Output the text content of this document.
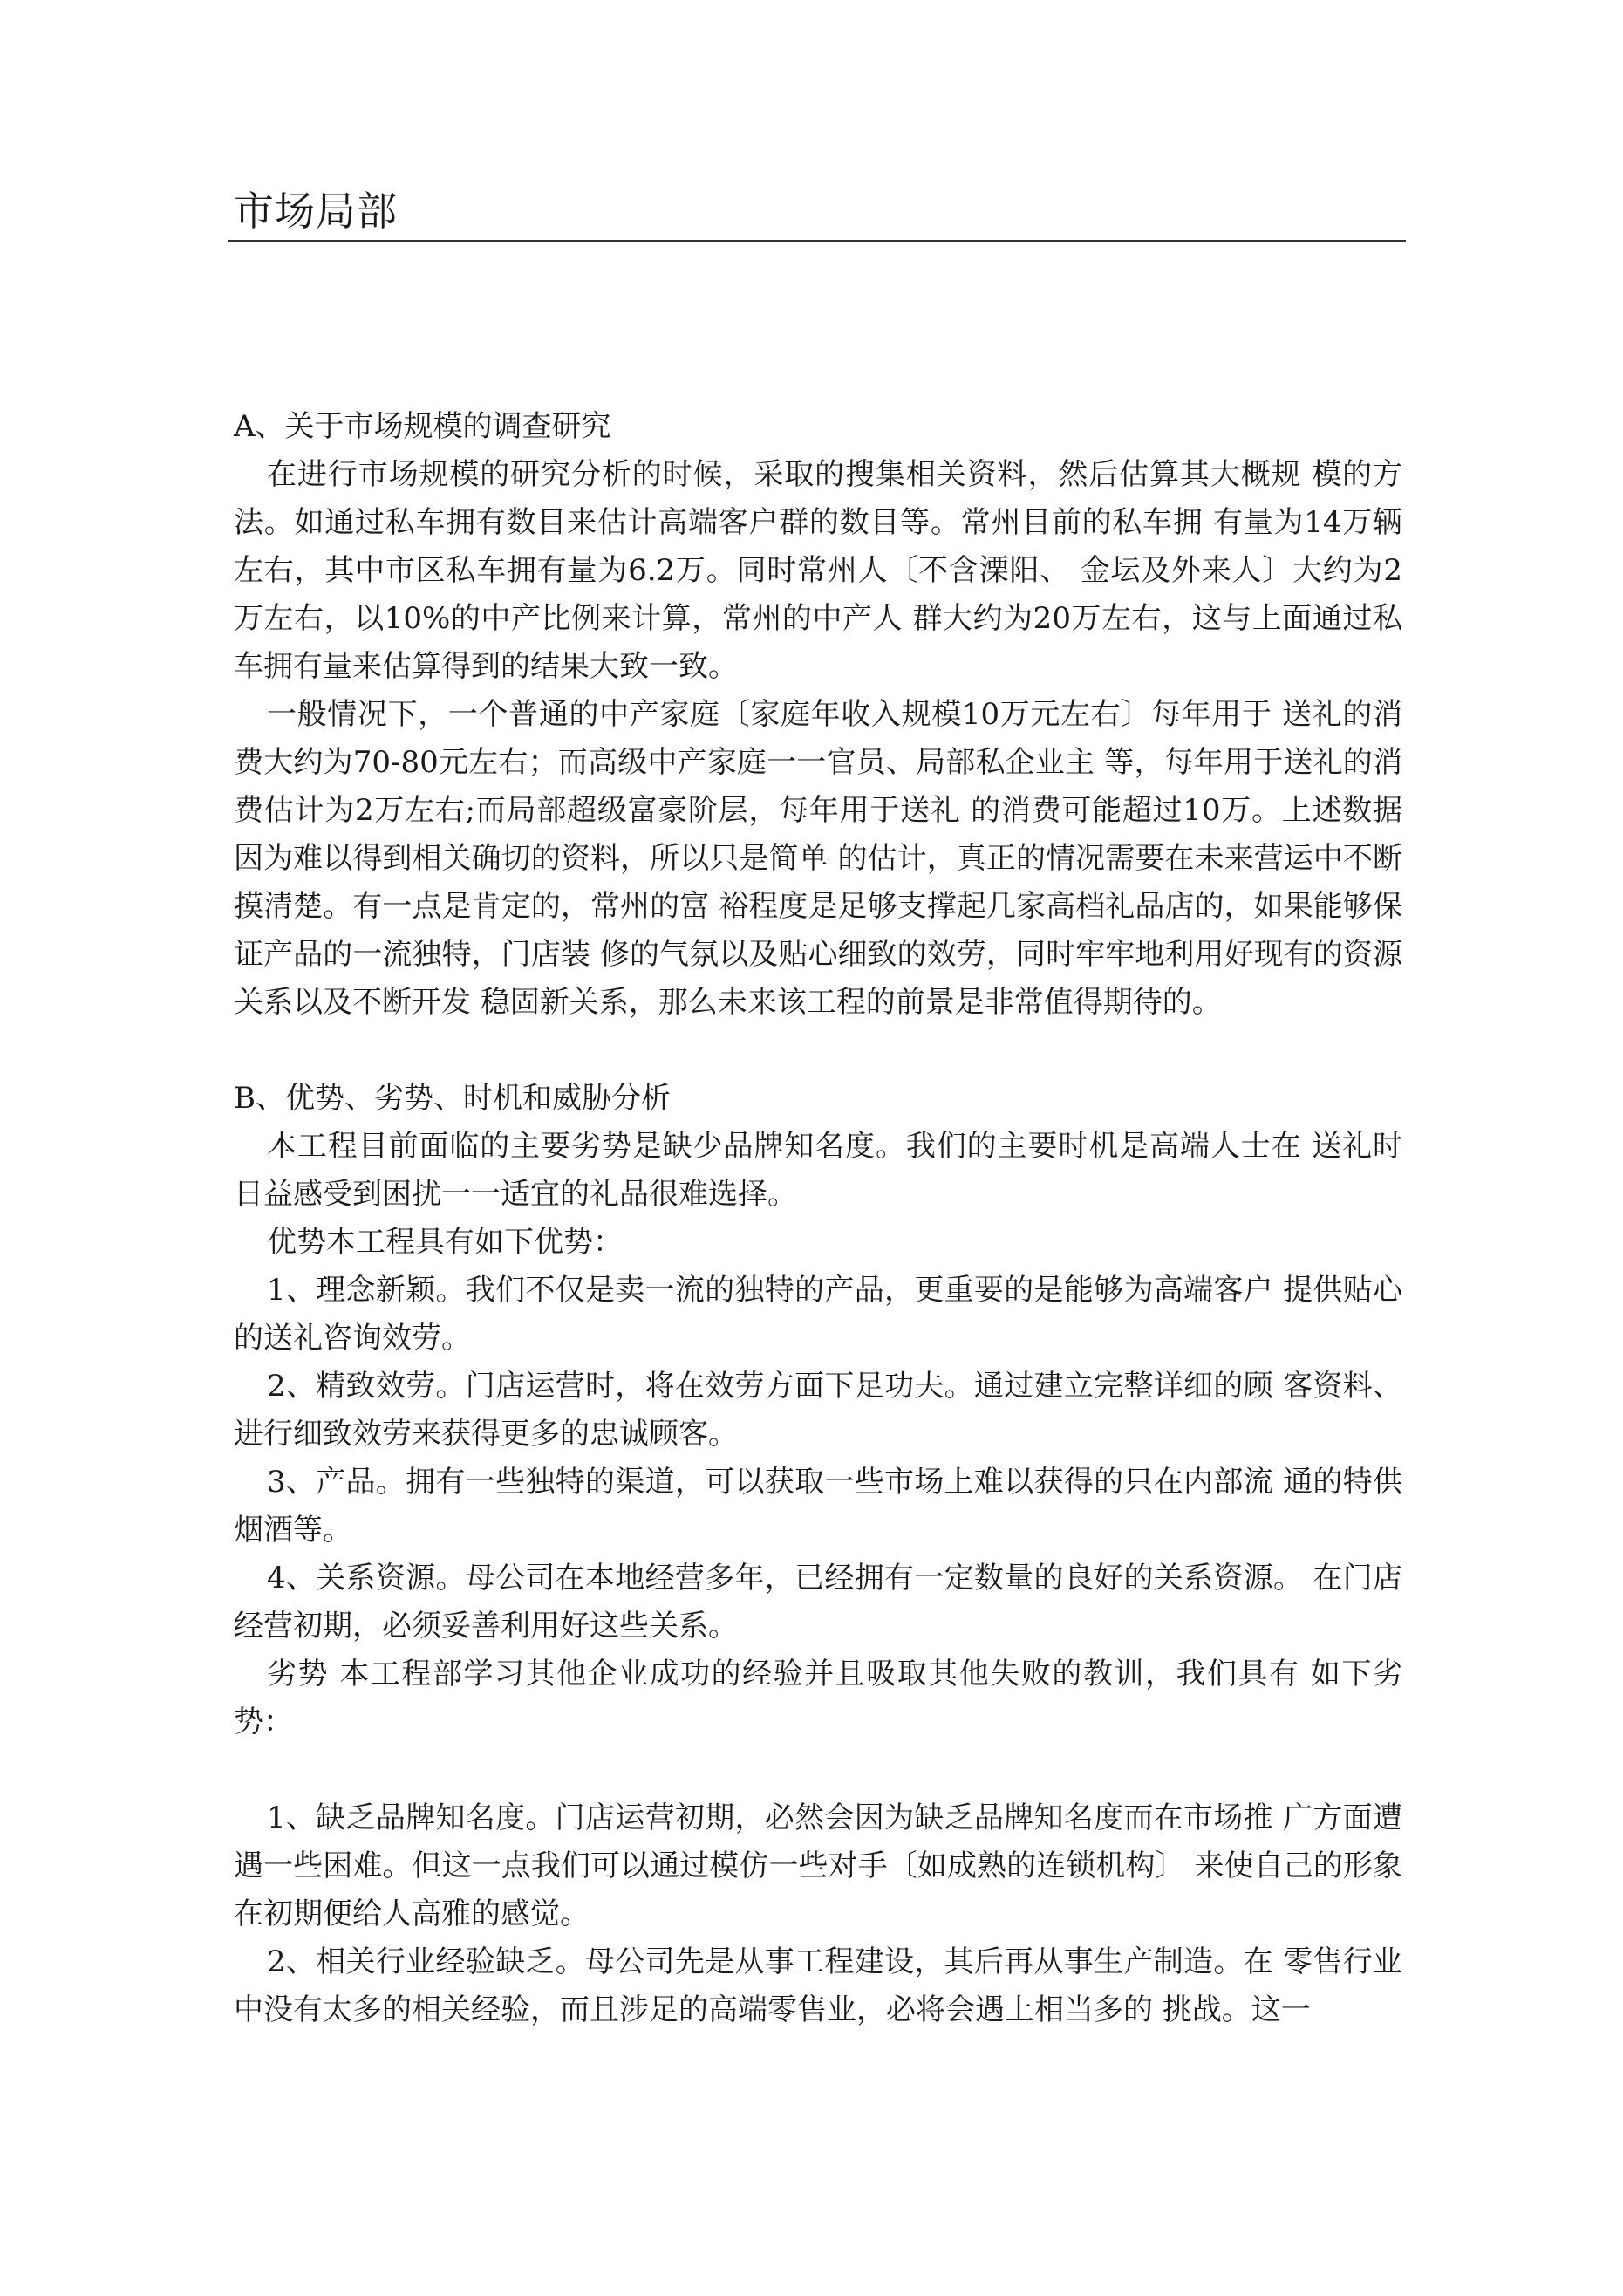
市场局部

A、关于市场规模的调查研究

在进行市场规模的研究分析的时候，采取的搜集相关资料，然后估算其大概规 模的方法。如通过私车拥有数目来估计高端客户群的数目等。常州目前的私车拥 有量为14万辆左右，其中市区私车拥有量为6.2万。同时常州人〔不含溧阳、 金坛及外来人〕大约为2万左右，以10%的中产比例来计算，常州的中产人 群大约为20万左右，这与上面通过私车拥有量来估算得到的结果大致一致。

一般情况下，一个普通的中产家庭〔家庭年收入规模10万元左右〕每年用于 送礼的消费大约为70-80元左右；而高级中产家庭一一官员、局部私企业主 等，每年用于送礼的消费估计为2万左右;而局部超级富豪阶层，每年用于送礼 的消费可能超过10万。上述数据因为难以得到相关确切的资料，所以只是简单 的估计，真正的情况需要在未来营运中不断摸清楚。有一点是肯定的，常州的富 裕程度是足够支撑起几家高档礼品店的，如果能够保证产品的一流独特，门店装 修的气氛以及贴心细致的效劳，同时牢牢地利用好现有的资源关系以及不断开发 稳固新关系，那么未来该工程的前景是非常值得期待的。

B、优势、劣势、时机和威胁分析

本工程目前面临的主要劣势是缺少品牌知名度。我们的主要时机是高端人士在 送礼时日益感受到困扰一一适宜的礼品很难选择。

优势本工程具有如下优势：

1、理念新颖。我们不仅是卖一流的独特的产品，更重要的是能够为高端客户 提供贴心的送礼咨询效劳。

2、精致效劳。门店运营时，将在效劳方面下足功夫。通过建立完整详细的顾 客资料、进行细致效劳来获得更多的忠诚顾客。

3、产品。拥有一些独特的渠道，可以获取一些市场上难以获得的只在内部流 通的特供烟酒等。

4、关系资源。母公司在本地经营多年，已经拥有一定数量的良好的关系资源。 在门店经营初期，必须妥善利用好这些关系。

劣势 本工程部学习其他企业成功的经验并且吸取其他失败的教训，我们具有 如下劣势：

1、缺乏品牌知名度。门店运营初期，必然会因为缺乏品牌知名度而在市场推 广方面遭遇一些困难。但这一点我们可以通过模仿一些对手〔如成熟的连锁机构〕 来使自己的形象在初期便给人高雅的感觉。

2、相关行业经验缺乏。母公司先是从事工程建设，其后再从事生产制造。在 零售行业中没有太多的相关经验，而且涉足的高端零售业，必将会遇上相当多的 挑战。这一
